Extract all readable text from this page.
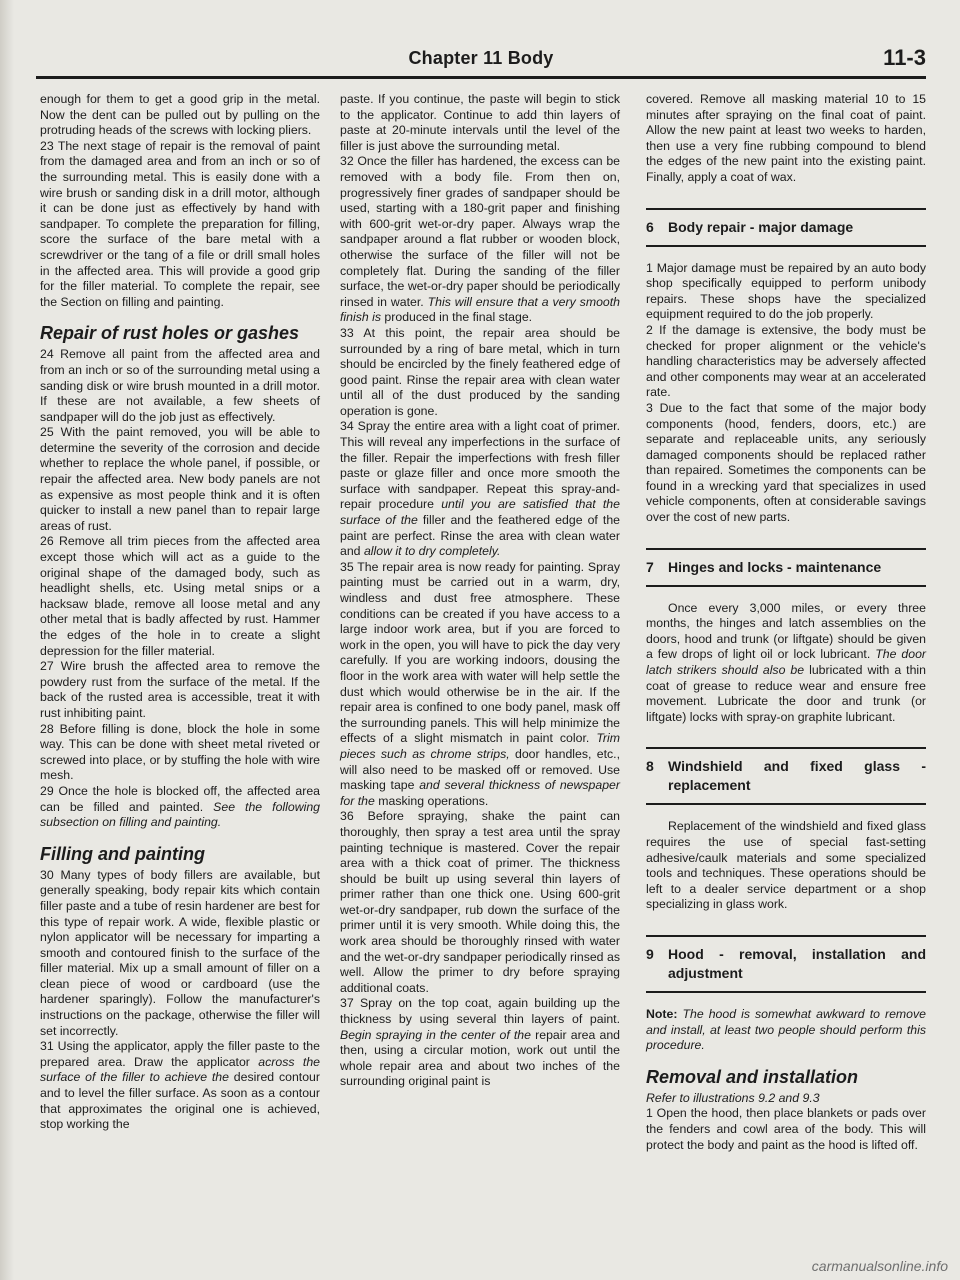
Chapter 11 Body	11-3

enough for them to get a good grip in the metal. Now the dent can be pulled out by pulling on the protruding heads of the screws with locking pliers.

23 The next stage of repair is the removal of paint from the damaged area and from an inch or so of the surrounding metal. This is easily done with a wire brush or sanding disk in a drill motor, although it can be done just as effectively by hand with sandpaper. To complete the preparation for filling, score the surface of the bare metal with a screwdriver or the tang of a file or drill small holes in the affected area. This will provide a good grip for the filler material. To complete the repair, see the Section on filling and painting.

Repair of rust holes or gashes

24 Remove all paint from the affected area and from an inch or so of the surrounding metal using a sanding disk or wire brush mounted in a drill motor. If these are not available, a few sheets of sandpaper will do the job just as effectively.

25 With the paint removed, you will be able to determine the severity of the corrosion and decide whether to replace the whole panel, if possible, or repair the affected area. New body panels are not as expensive as most people think and it is often quicker to install a new panel than to repair large areas of rust.

26 Remove all trim pieces from the affected area except those which will act as a guide to the original shape of the damaged body, such as headlight shells, etc. Using metal snips or a hacksaw blade, remove all loose metal and any other metal that is badly affected by rust. Hammer the edges of the hole in to create a slight depression for the filler material.

27 Wire brush the affected area to remove the powdery rust from the surface of the metal. If the back of the rusted area is accessible, treat it with rust inhibiting paint.

28 Before filling is done, block the hole in some way. This can be done with sheet metal riveted or screwed into place, or by stuffing the hole with wire mesh.

29 Once the hole is blocked off, the affected area can be filled and painted. See the following subsection on filling and painting.

Filling and painting

30 Many types of body fillers are available, but generally speaking, body repair kits which contain filler paste and a tube of resin hardener are best for this type of repair work. A wide, flexible plastic or nylon applicator will be necessary for imparting a smooth and contoured finish to the surface of the filler material. Mix up a small amount of filler on a clean piece of wood or cardboard (use the hardener sparingly). Follow the manufacturer's instructions on the package, otherwise the filler will set incorrectly.

31 Using the applicator, apply the filler paste to the prepared area. Draw the applicator across the surface of the filler to achieve the desired contour and to level the filler surface. As soon as a contour that approximates the original one is achieved, stop working the

paste. If you continue, the paste will begin to stick to the applicator. Continue to add thin layers of paste at 20-minute intervals until the level of the filler is just above the surrounding metal.

32 Once the filler has hardened, the excess can be removed with a body file. From then on, progressively finer grades of sandpaper should be used, starting with a 180-grit paper and finishing with 600-grit wet-or-dry paper. Always wrap the sandpaper around a flat rubber or wooden block, otherwise the surface of the filler will not be completely flat. During the sanding of the filler surface, the wet-or-dry paper should be periodically rinsed in water. This will ensure that a very smooth finish is produced in the final stage.

33 At this point, the repair area should be surrounded by a ring of bare metal, which in turn should be encircled by the finely feathered edge of good paint. Rinse the repair area with clean water until all of the dust produced by the sanding operation is gone.

34 Spray the entire area with a light coat of primer. This will reveal any imperfections in the surface of the filler. Repair the imperfections with fresh filler paste or glaze filler and once more smooth the surface with sandpaper. Repeat this spray-and-repair procedure until you are satisfied that the surface of the filler and the feathered edge of the paint are perfect. Rinse the area with clean water and allow it to dry completely.

35 The repair area is now ready for painting. Spray painting must be carried out in a warm, dry, windless and dust free atmosphere. These conditions can be created if you have access to a large indoor work area, but if you are forced to work in the open, you will have to pick the day very carefully. If you are working indoors, dousing the floor in the work area with water will help settle the dust which would otherwise be in the air. If the repair area is confined to one body panel, mask off the surrounding panels. This will help minimize the effects of a slight mismatch in paint color. Trim pieces such as chrome strips, door handles, etc., will also need to be masked off or removed. Use masking tape and several thickness of newspaper for the masking operations.

36 Before spraying, shake the paint can thoroughly, then spray a test area until the spray painting technique is mastered. Cover the repair area with a thick coat of primer. The thickness should be built up using several thin layers of primer rather than one thick one. Using 600-grit wet-or-dry sandpaper, rub down the surface of the primer until it is very smooth. While doing this, the work area should be thoroughly rinsed with water and the wet-or-dry sandpaper periodically rinsed as well. Allow the primer to dry before spraying additional coats.

37 Spray on the top coat, again building up the thickness by using several thin layers of paint. Begin spraying in the center of the repair area and then, using a circular motion, work out until the whole repair area and about two inches of the surrounding original paint is

covered. Remove all masking material 10 to 15 minutes after spraying on the final coat of paint. Allow the new paint at least two weeks to harden, then use a very fine rubbing compound to blend the edges of the new paint into the existing paint. Finally, apply a coat of wax.

6	Body repair - major damage

1 Major damage must be repaired by an auto body shop specifically equipped to perform unibody repairs. These shops have the specialized equipment required to do the job properly.

2 If the damage is extensive, the body must be checked for proper alignment or the vehicle's handling characteristics may be adversely affected and other components may wear at an accelerated rate.

3 Due to the fact that some of the major body components (hood, fenders, doors, etc.) are separate and replaceable units, any seriously damaged components should be replaced rather than repaired. Sometimes the components can be found in a wrecking yard that specializes in used vehicle components, often at considerable savings over the cost of new parts.

7	Hinges and locks - maintenance

Once every 3,000 miles, or every three months, the hinges and latch assemblies on the doors, hood and trunk (or liftgate) should be given a few drops of light oil or lock lubricant. The door latch strikers should also be lubricated with a thin coat of grease to reduce wear and ensure free movement. Lubricate the door and trunk (or liftgate) locks with spray-on graphite lubricant.

8	Windshield and fixed glass - replacement

Replacement of the windshield and fixed glass requires the use of special fast-setting adhesive/caulk materials and some specialized tools and techniques. These operations should be left to a dealer service department or a shop specializing in glass work.

9	Hood - removal, installation and adjustment

Note: The hood is somewhat awkward to remove and install, at least two people should perform this procedure.

Removal and installation

Refer to illustrations 9.2 and 9.3

1 Open the hood, then place blankets or pads over the fenders and cowl area of the body. This will protect the body and paint as the hood is lifted off.

carmanualsonline.info
